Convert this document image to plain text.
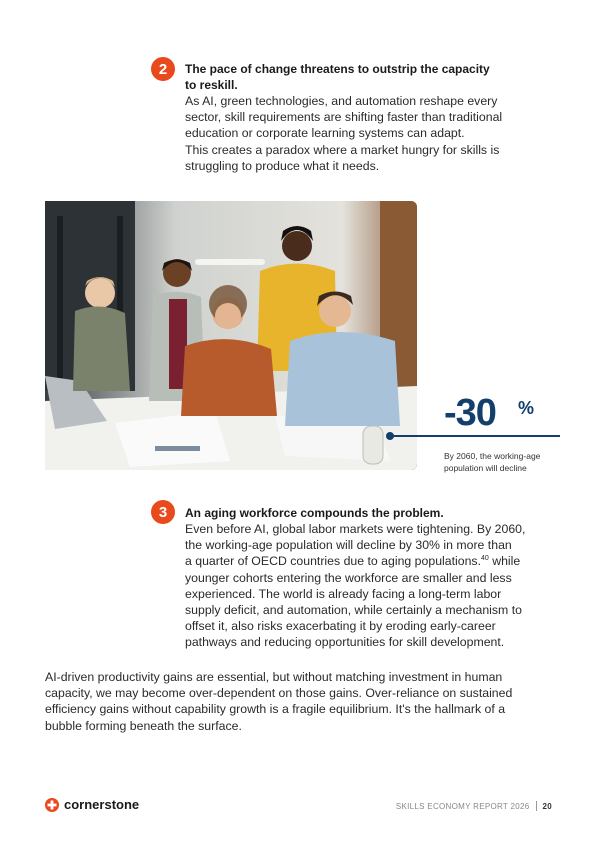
2	The pace of change threatens to outstrip the capacity
to reskill.

As AI, green technologies, and automation reshape every
sector, skill requirements are shifting faster than traditional
education or corporate learning systems can adapt.
This creates a paradox where a market hungry for skills is
struggling to produce what it needs.

-30 %
By 2060, the working-age
population will decline
3	An aging workforce compounds the problem.

Even before AI, global labor markets were tightening. By 2060,
the working-age population will decline by 30% in more than
a quarter of OECD countries due to aging populations.$^{40}$ while
younger cohorts entering the workforce are smaller and less
experienced. The world is already facing a long-term labor
supply deficit, and automation, while certainly a mechanism to
offset it, also risks exacerbating it by eroding early-career
pathways and reducing opportunities for skill development.

AI-driven productivity gains are essential, but without matching investment in human
capacity, we may become over-dependent on those gains. Over-reliance on sustained
efficiency gains without capability growth is a fragile equilibrium. It's the hallmark of a
bubble forming beneath the surface.

cornerstone	SKILLS ECONOMY REPORT 2026 20
